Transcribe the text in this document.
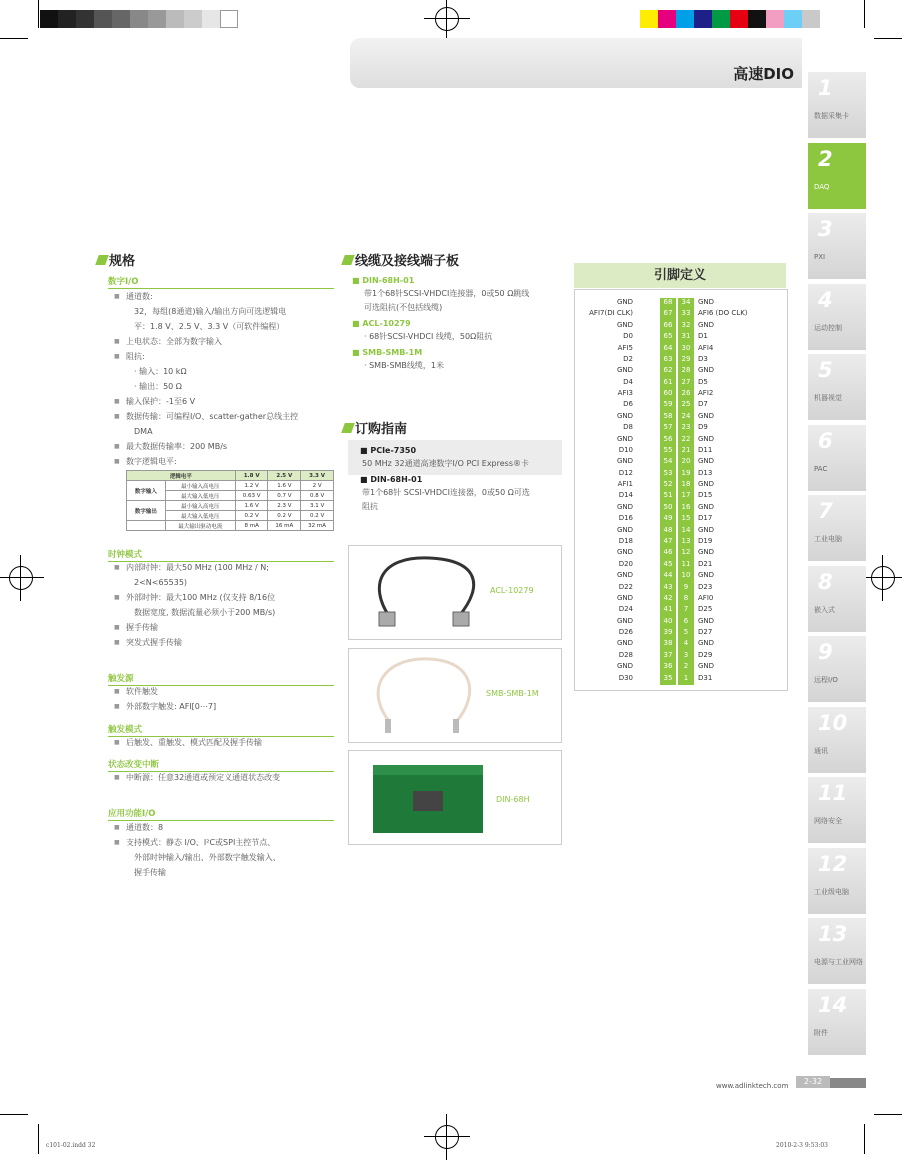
高速DIO
1
数据采集卡
2
DAQ
3
PXI
4
运动控制
5
机器视觉
6
PAC
7
工业电脑
8
嵌入式
9
远程I/O
10
通讯
11
网络安全
12
工业级电脑
13
电源与工业网络
14
附件
规格
数字I/O
■ 通道数:
32，每组(8通道)输入/输出方向可选逻辑电
平：1.8 V、2.5 V、3.3 V（可软件编程）
■ 上电状态：全部为数字输入
■ 阻抗:
· 输入：10 kΩ
· 输出：50 Ω
■ 输入保护：-1至6 V
■ 数据传输：可编程I/O、scatter-gather总线主控
DMA
■ 最大数据传输率：200 MB/s
■ 数字逻辑电平:
逻辑电平		1.8 V	2.5 V	3.3 V
数字输入	最小输入高电压	1.2 V	1.6 V	2 V
	最大输入低电压	0.63 V	0.7 V	0.8 V
数字输出	最小输入高电压	1.6 V	2.3 V	3.1 V
	最大输入低电压	0.2 V	0.2 V	0.2 V
	最大输出驱动电流	8 mA	16 mA	32 mA
时钟模式
■ 内部时钟：最大50 MHz (100 MHz / N;
2<N<65535)
■ 外部时钟：最大100 MHz (仅支持 8/16位
数据宽度, 数据流量必须小于200 MB/s)
■ 握手传输
■ 突发式握手传输
触发源
■ 软件触发
■ 外部数字触发: AFI[0⋯7]
触发模式
■ 后触发、重触发、模式匹配及握手传输
状态改变中断
■ 中断源：任意32通道或预定义通道状态改变
应用功能I/O
■ 通道数：8
■ 支持模式：静态 I/O、I²C或SPI主控节点、
外部时钟输入/输出、外部数字触发输入、
握手传输
线缆及接线端子板
■ DIN-68H-01
带1个68针SCSI-VHDCI连接器，0或50 Ω跳线
可选阻抗(不包括线缆)
■ ACL-10279
· 68针SCSI-VHDCI 线缆，50Ω阻抗
■ SMB-SMB-1M
· SMB-SMB线缆，1米
订购指南
■ PCIe-7350
50 MHz 32通道高速数字I/O PCI Express®卡
■ DIN-68H-01
带1个68针 SCSI-VHDCI连接器，0或50 Ω可选
阻抗
ACL-10279
SMB-SMB-1M
DIN-68H
引脚定义
GND	68	34	GND
AFI7(DI CLK)	67	33	AFI6 (DO CLK)
GND	66	32	GND
D0	65	31	D1
AFI5	64	30	AFI4
D2	63	29	D3
GND	62	28	GND
D4	61	27	D5
AFI3	60	26	AFI2
D6	59	25	D7
GND	58	24	GND
D8	57	23	D9
GND	56	22	GND
D10	55	21	D11
GND	54	20	GND
D12	53	19	D13
AFI1	52	18	GND
D14	51	17	D15
GND	50	16	GND
D16	49	15	D17
GND	48	14	GND
D18	47	13	D19
GND	46	12	GND
D20	45	11	D21
GND	44	10	GND
D22	43	9	D23
GND	42	8	AFI0
D24	41	7	D25
GND	40	6	GND
D26	39	5	D27
GND	38	4	GND
D28	37	3	D29
GND	36	2	GND
D30	35	1	D31
www.adlinktech.com	2-32
c101-02.indd 32	2010-2-3 9:53:03
